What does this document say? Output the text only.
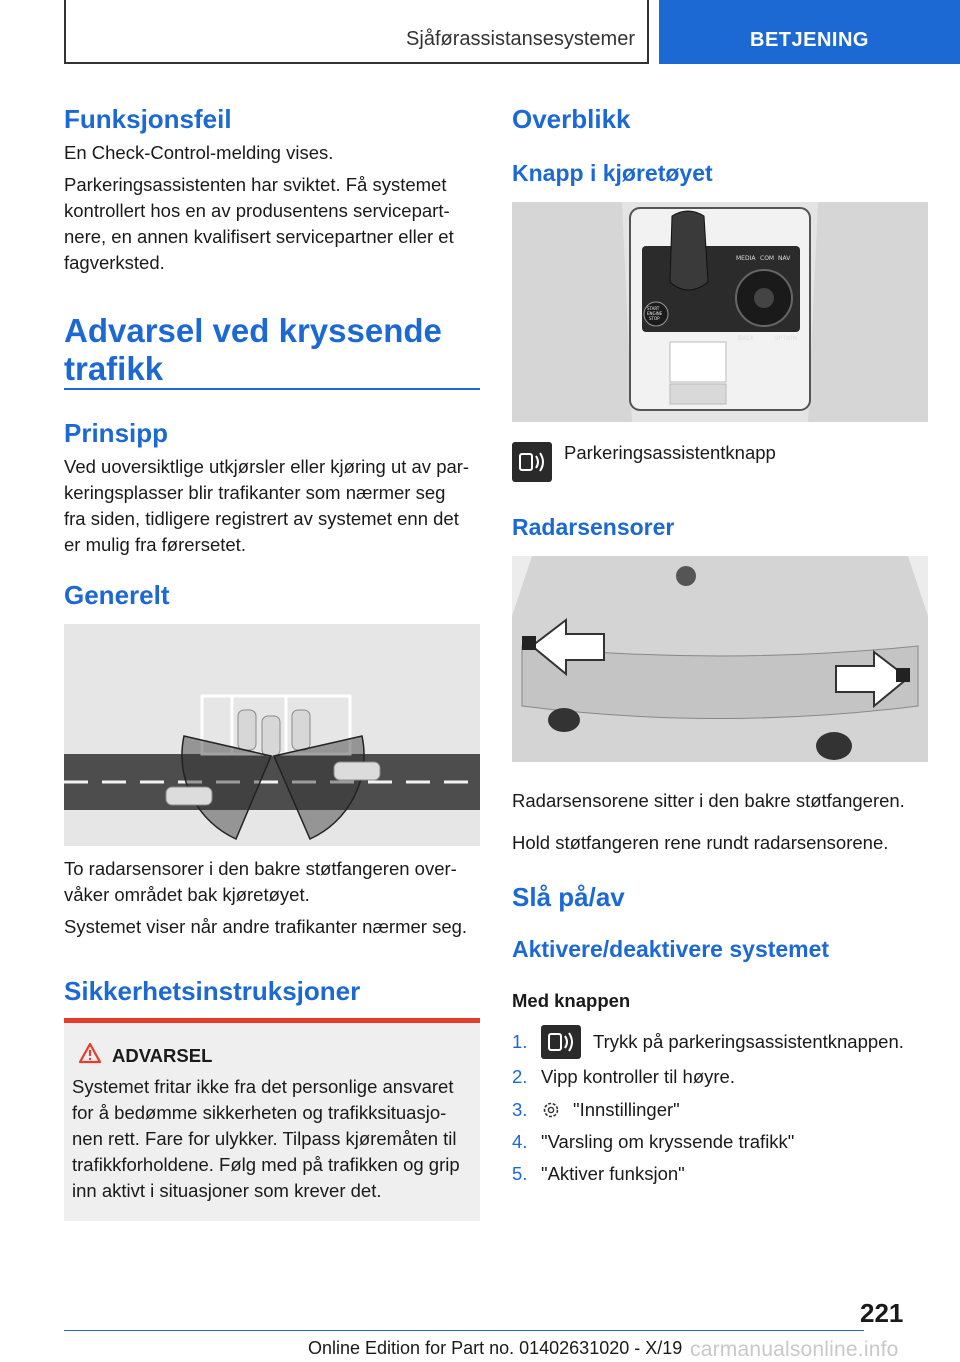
Sjåførassistansesystemer	BETJENING
Funksjonsfeil
En Check-Control-melding vises.
Parkeringsassistenten har sviktet. Få systemet
kontrollert hos en av produsentens servicepart-
nere, en annen kvalifisert servicepartner eller et
fagverksted.
Advarsel ved kryssende
trafikk
Prinsipp
Ved uoversiktlige utkjørsler eller kjøring ut av par-
keringsplasser blir trafikanter som nærmer seg
fra siden, tidligere registrert av systemet enn det
er mulig fra førersetet.
Generelt
To radarsensorer i den bakre støtfangeren over-
våker området bak kjøretøyet.
Systemet viser når andre trafikanter nærmer seg.
Sikkerhetsinstruksjoner
ADVARSEL
Systemet fritar ikke fra det personlige ansvaret
for å bedømme sikkerheten og trafikksituasjo-
nen rett. Fare for ulykker. Tilpass kjøremåten til
trafikkforholdene. Følg med på trafikken og grip
inn aktivt i situasjoner som krever det.
Overblikk
Knapp i kjøretøyet
MEDIA COM NAV
BACK	OPTION
START
ENGINE
STOP
Parkeringsassistentknapp
Radarsensorer
Radarsensorene sitter i den bakre støtfangeren.
Hold støtfangeren rene rundt radarsensorene.
Slå på/av
Aktivere/deaktivere systemet
Med knappen
1.	Trykk på parkeringsassistentknappen.
2. Vipp kontroller til høyre.
3.	"Innstillinger"
4. "Varsling om kryssende trafikk"
5. "Aktiver funksjon"
221
Online Edition for Part no. 01402631020 - X/19 carmanualsonline.info
